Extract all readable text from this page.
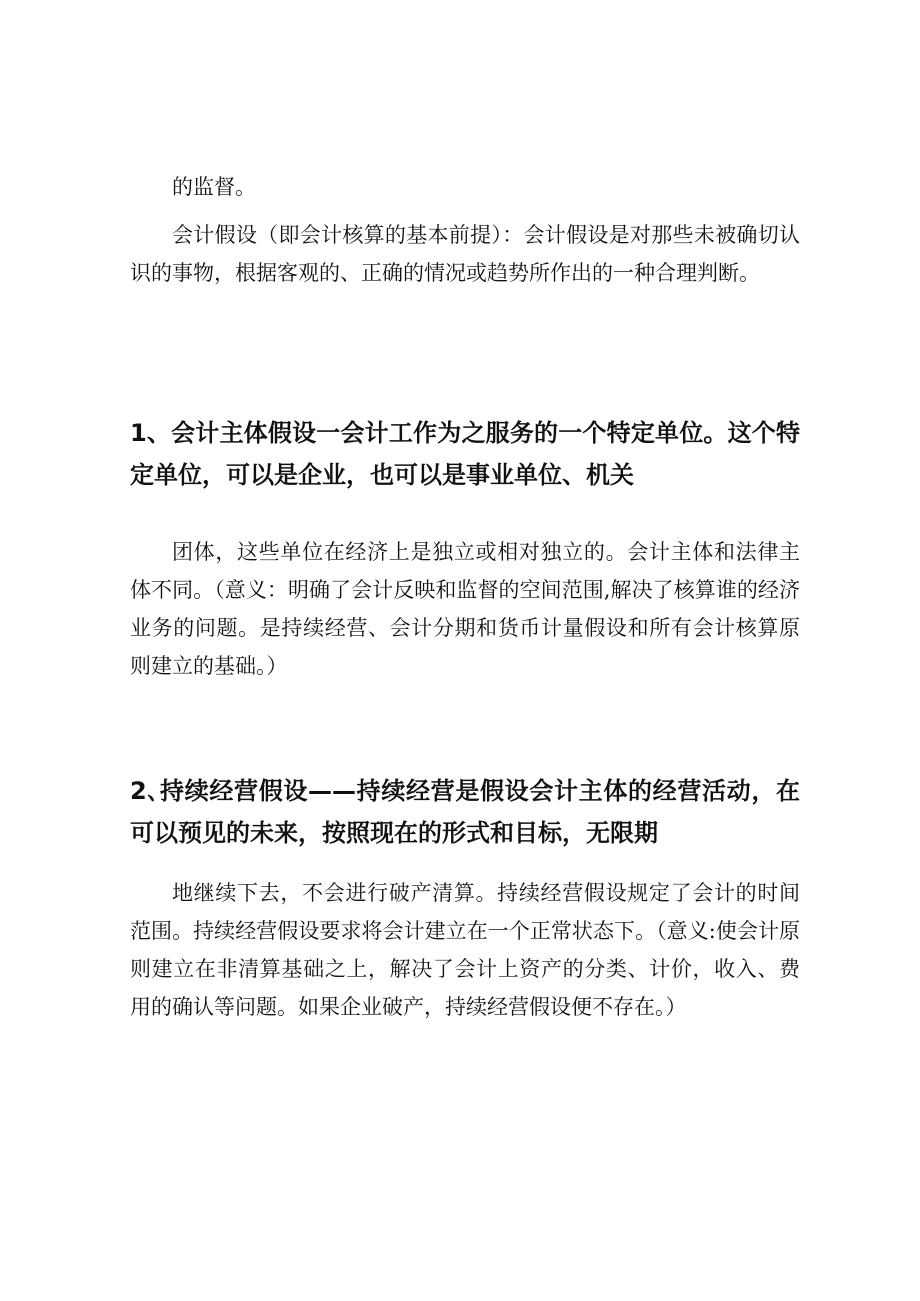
的监督。

会计假设（即会计核算的基本前提）：会计假设是对那些未被确切认识的事物，根据客观的、正确的情况或趋势所作出的一种合理判断。

1、会计主体假设一会计工作为之服务的一个特定单位。这个特定单位，可以是企业，也可以是事业单位、机关

团体，这些单位在经济上是独立或相对独立的。会计主体和法律主体不同。（意义：明确了会计反映和监督的空间范围,解决了核算谁的经济业务的问题。是持续经营、会计分期和货币计量假设和所有会计核算原则建立的基础。）

2､持续经营假设——持续经营是假设会计主体的经营活动，在可以预见的未来，按照现在的形式和目标，无限期

地继续下去，不会进行破产清算。持续经营假设规定了会计的时间范围。持续经营假设要求将会计建立在一个正常状态下。（意义:使会计原则建立在非清算基础之上，解决了会计上资产的分类、计价，收入、费用的确认等问题。如果企业破产，持续经营假设便不存在。）
